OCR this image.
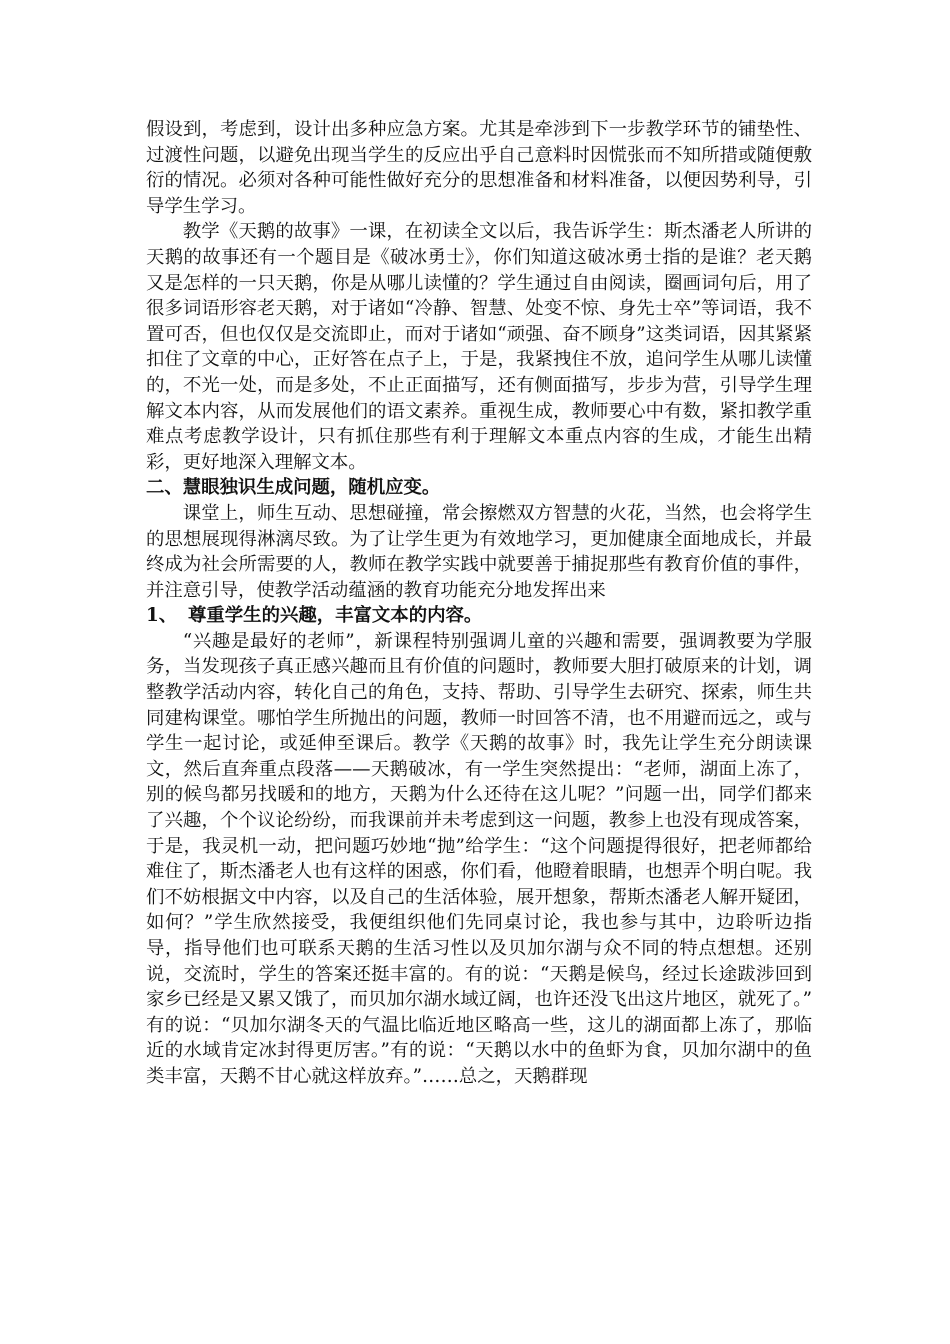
假设到，考虑到，设计出多种应急方案。尤其是牵涉到下一步教学环节的铺垫性、过渡性问题，以避免出现当学生的反应出乎自己意料时因慌张而不知所措或随便敷衍的情况。必须对各种可能性做好充分的思想准备和材料准备，以便因势利导，引导学生学习。

教学《天鹅的故事》一课，在初读全文以后，我告诉学生：斯杰潘老人所讲的天鹅的故事还有一个题目是《破冰勇士》，你们知道这破冰勇士指的是谁？老天鹅又是怎样的一只天鹅，你是从哪儿读懂的？学生通过自由阅读，圈画词句后，用了很多词语形容老天鹅，对于诸如“冷静、智慧、处变不惊、身先士卒”等词语，我不置可否，但也仅仅是交流即止，而对于诸如“顽强、奋不顾身”这类词语，因其紧紧扣住了文章的中心，正好答在点子上，于是，我紧拽住不放，追问学生从哪儿读懂的，不光一处，而是多处，不止正面描写，还有侧面描写，步步为营，引导学生理解文本内容，从而发展他们的语文素养。重视生成，教师要心中有数，紧扣教学重难点考虑教学设计，只有抓住那些有利于理解文本重点内容的生成，才能生出精彩，更好地深入理解文本。

二、慧眼独识生成问题，随机应变。

课堂上，师生互动、思想碰撞，常会擦燃双方智慧的火花，当然，也会将学生的思想展现得淋漓尽致。为了让学生更为有效地学习，更加健康全面地成长，并最终成为社会所需要的人，教师在教学实践中就要善于捕捉那些有教育价值的事件，并注意引导，使教学活动蕴涵的教育功能充分地发挥出来

1、 尊重学生的兴趣，丰富文本的内容。

“兴趣是最好的老师”，新课程特别强调儿童的兴趣和需要，强调教要为学服务，当发现孩子真正感兴趣而且有价值的问题时，教师要大胆打破原来的计划，调整教学活动内容，转化自己的角色，支持、帮助、引导学生去研究、探索，师生共同建构课堂。哪怕学生所抛出的问题，教师一时回答不清，也不用避而远之，或与学生一起讨论，或延伸至课后。教学《天鹅的故事》时，我先让学生充分朗读课文，然后直奔重点段落——天鹅破冰，有一学生突然提出：“老师，湖面上冻了，别的候鸟都另找暖和的地方，天鹅为什么还待在这儿呢？”问题一出，同学们都来了兴趣，个个议论纷纷，而我课前并未考虑到这一问题，教参上也没有现成答案，于是，我灵机一动，把问题巧妙地“抛”给学生：“这个问题提得很好，把老师都给难住了，斯杰潘老人也有这样的困惑，你们看，他瞪着眼睛，也想弄个明白呢。我们不妨根据文中内容，以及自己的生活体验，展开想象，帮斯杰潘老人解开疑团，如何？”学生欣然接受，我便组织他们先同桌讨论，我也参与其中，边聆听边指导，指导他们也可联系天鹅的生活习性以及贝加尔湖与众不同的特点想想。还别说，交流时，学生的答案还挺丰富的。有的说：“天鹅是候鸟，经过长途跋涉回到家乡已经是又累又饿了，而贝加尔湖水域辽阔，也许还没飞出这片地区，就死了。” 有的说：“贝加尔湖冬天的气温比临近地区略高一些，这儿的湖面都上冻了，那临近的水域肯定冰封得更厉害。”有的说：“天鹅以水中的鱼虾为食，贝加尔湖中的鱼类丰富，天鹅不甘心就这样放弃。”……总之，天鹅群现
